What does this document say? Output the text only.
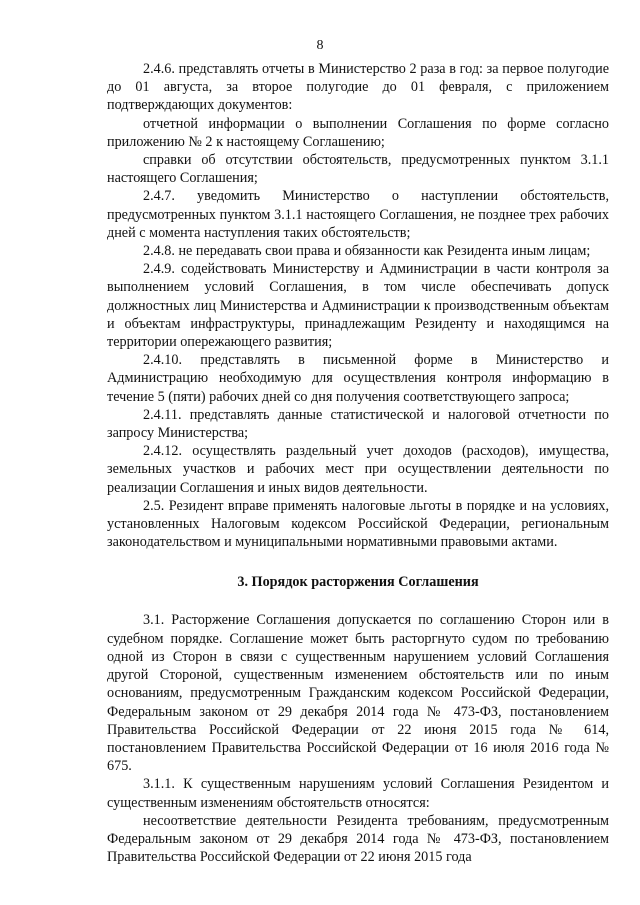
8

2.4.6. представлять отчеты в Министерство 2 раза в год: за первое полугодие до 01 августа, за второе полугодие до 01 февраля, с приложением подтверждающих документов:

отчетной информации о выполнении Соглашения по форме согласно приложению № 2 к настоящему Соглашению;

справки об отсутствии обстоятельств, предусмотренных пунктом 3.1.1 настоящего Соглашения;

2.4.7. уведомить Министерство о наступлении обстоятельств, предусмотренных пунктом 3.1.1 настоящего Соглашения, не позднее трех рабочих дней с момента наступления таких обстоятельств;

2.4.8. не передавать свои права и обязанности как Резидента иным лицам;

2.4.9. содействовать Министерству и Администрации в части контроля за выполнением условий Соглашения, в том числе обеспечивать допуск должностных лиц Министерства и Администрации к производственным объектам и объектам инфраструктуры, принадлежащим Резиденту и находящимся на территории опережающего развития;

2.4.10. представлять в письменной форме в Министерство и Администрацию необходимую для осуществления контроля информацию в течение 5 (пяти) рабочих дней со дня получения соответствующего запроса;

2.4.11. представлять данные статистической и налоговой отчетности по запросу Министерства;

2.4.12. осуществлять раздельный учет доходов (расходов), имущества, земельных участков и рабочих мест при осуществлении деятельности по реализации Соглашения и иных видов деятельности.

2.5. Резидент вправе применять налоговые льготы в порядке и на условиях, установленных Налоговым кодексом Российской Федерации, региональным законодательством и муниципальными нормативными правовыми актами.

3. Порядок расторжения Соглашения

3.1. Расторжение Соглашения допускается по соглашению Сторон или в судебном порядке. Соглашение может быть расторгнуто судом по требованию одной из Сторон в связи с существенным нарушением условий Соглашения другой Стороной, существенным изменением обстоятельств или по иным основаниям, предусмотренным Гражданским кодексом Российской Федерации, Федеральным законом от 29 декабря 2014 года № 473-ФЗ, постановлением Правительства Российской Федерации от 22 июня 2015 года № 614, постановлением Правительства Российской Федерации от 16 июля 2016 года № 675.

3.1.1. К существенным нарушениям условий Соглашения Резидентом и существенным изменениям обстоятельств относятся:

несоответствие деятельности Резидента требованиям, предусмотренным Федеральным законом от 29 декабря 2014 года № 473-ФЗ, постановлением Правительства Российской Федерации от 22 июня 2015 года
